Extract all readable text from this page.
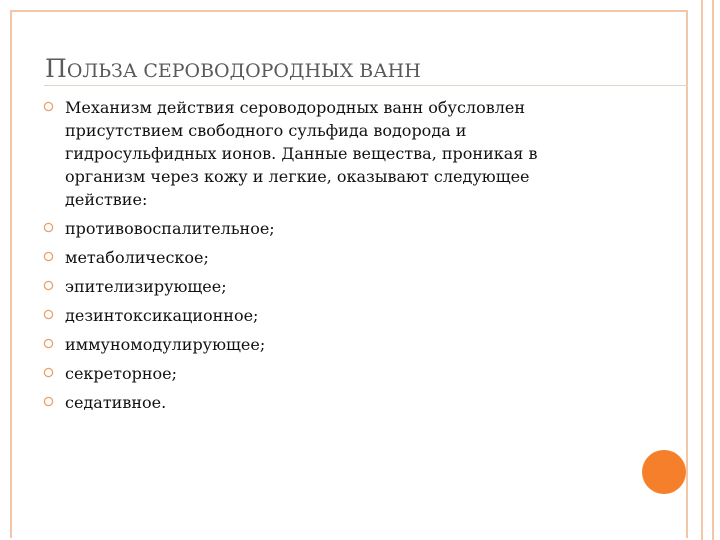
ПОЛЬЗА СЕРОВОДОРОДНЫХ ВАНН
Механизм действия сероводородных ванн обусловлен присутствием свободного сульфида водорода и гидросульфидных ионов. Данные вещества, проникая в организм через кожу и легкие, оказывают следующее действие:
противовоспалительное;
метаболическое;
эпителизирующее;
дезинтоксикационное;
иммуномодулирующее;
секреторное;
седативное.
